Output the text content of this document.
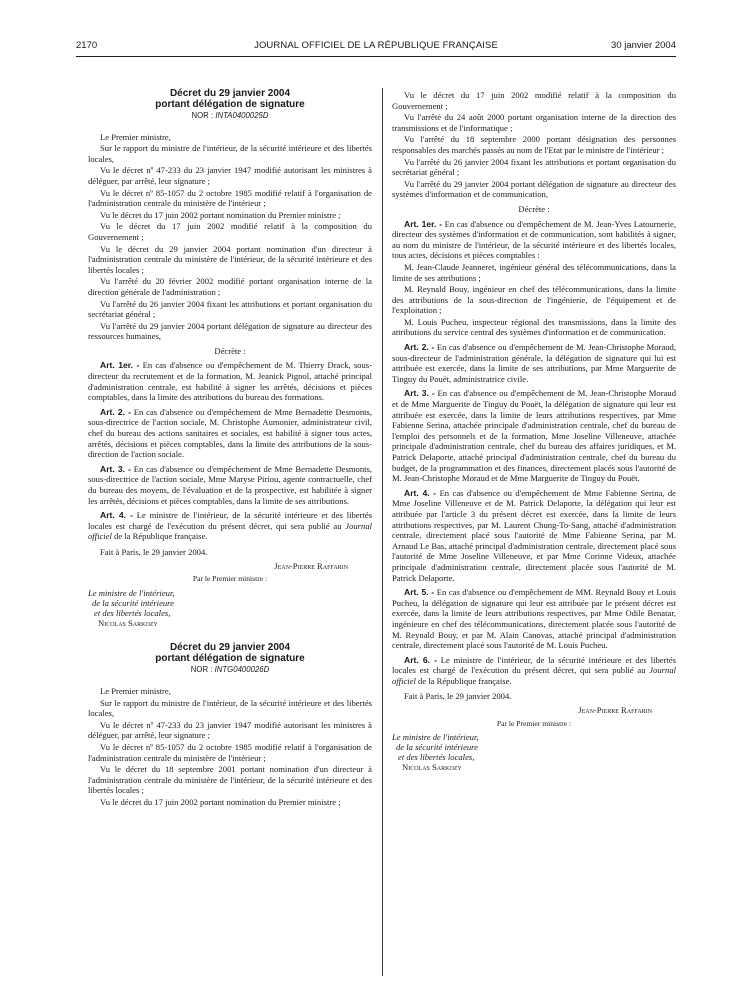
2170	JOURNAL OFFICIEL DE LA RÉPUBLIQUE FRANÇAISE	30 janvier 2004
Décret du 29 janvier 2004
portant délégation de signature
NOR : INTA0400025D

Le Premier ministre,

Sur le rapport du ministre de l'intérieur, de la sécurité intérieure et des libertés locales,

Vu le décret nº 47-233 du 23 janvier 1947 modifié autorisant les ministres à déléguer, par arrêté, leur signature ;

Vu le décret nº 85-1057 du 2 octobre 1985 modifié relatif à l'organisation de l'administration centrale du ministère de l'intérieur ;

Vu le décret du 17 juin 2002 portant nomination du Premier ministre ;

Vu le décret du 17 juin 2002 modifié relatif à la composition du Gouvernement ;

Vu le décret du 29 janvier 2004 portant nomination d'un directeur à l'administration centrale du ministère de l'intérieur, de la sécurité intérieure et des libertés locales ;

Vu l'arrêté du 20 février 2002 modifié portant organisation interne de la direction générale de l'administration ;

Vu l'arrêté du 26 janvier 2004 fixant les attributions et portant organisation du secrétariat général ;

Vu l'arrêté du 29 janvier 2004 portant délégation de signature au directeur des ressources humaines,

Décrète :

Art. 1er. - En cas d'absence ou d'empêchement de M. Thierry Drack, sous-directeur du recrutement et de la formation, M. Jeanick Pignol, attaché principal d'administration centrale, est habilité à signer les arrêtés, décisions et pièces comptables, dans la limite des attributions du bureau des formations.

Art. 2. - En cas d'absence ou d'empêchement de Mme Bernadette Desmonts, sous-directrice de l'action sociale, M. Christophe Aumonier, administrateur civil, chef du bureau des actions sanitaires et sociales, est habilité à signer tous actes, arrêtés, décisions et pièces comptables, dans la limite des attributions de la sous-direction de l'action sociale.

Art. 3. - En cas d'absence ou d'empêchement de Mme Bernadette Desmonts, sous-directrice de l'action sociale, Mme Maryse Piriou, agente contractuelle, chef du bureau des moyens, de l'évaluation et de la prospective, est habilitée à signer les arrêtés, décisions et pièces comptables, dans la limite de ses attributions.

Art. 4. - Le ministre de l'intérieur, de la sécurité intérieure et des libertés locales est chargé de l'exécution du présent décret, qui sera publié au Journal officiel de la République française.

Fait à Paris, le 29 janvier 2004.

Jean-Pierre Raffarin

Par le Premier ministre :

Le ministre de l'intérieur,
de la sécurité intérieure
et des libertés locales,

Nicolas Sarkozy

Décret du 29 janvier 2004
portant délégation de signature
NOR : INTG0400026D

Le Premier ministre,

Sur le rapport du ministre de l'intérieur, de la sécurité intérieure et des libertés locales,

Vu le décret nº 47-233 du 23 janvier 1947 modifié autorisant les ministres à déléguer, par arrêté, leur signature ;

Vu le décret nº 85-1057 du 2 octobre 1985 modifié relatif à l'organisation de l'administration centrale du ministère de l'intérieur ;

Vu le décret du 18 septembre 2001 portant nomination d'un directeur à l'administration centrale du ministère de l'intérieur, de la sécurité intérieure et des libertés locales ;

Vu le décret du 17 juin 2002 portant nomination du Premier ministre ;

Vu le décret du 17 juin 2002 modifié relatif à la composition du Gouvernement ;

Vu l'arrêté du 24 août 2000 portant organisation interne de la direction des transmissions et de l'informatique ;

Vu l'arrêté du 18 septembre 2000 portant désignation des personnes responsables des marchés passés au nom de l'Etat par le ministre de l'intérieur ;

Vu l'arrêté du 26 janvier 2004 fixant les attributions et portant organisation du secrétariat général ;

Vu l'arrêté du 29 janvier 2004 portant délégation de signature au directeur des systèmes d'information et de communication,

Décrète :

Art. 1er. - En cas d'absence ou d'empêchement de M. Jean-Yves Latournerie, directeur des systèmes d'information et de communication, sont habilités à signer, au nom du ministre de l'intérieur, de la sécurité intérieure et des libertés locales, tous actes, décisions et pièces comptables :

M. Jean-Claude Jeanneret, ingénieur général des télécommunications, dans la limite de ses attributions ;

M. Reynald Bouy, ingénieur en chef des télécommunications, dans la limite des attributions de la sous-direction de l'ingénierie, de l'équipement et de l'exploitation ;

M. Louis Pucheu, inspecteur régional des transmissions, dans la limite des attributions du service central des systèmes d'information et de communication.

Art. 2. - En cas d'absence ou d'empêchement de M. Jean-Christophe Moraud, sous-directeur de l'administration générale, la délégation de signature qui lui est attribuée est exercée, dans la limite de ses attributions, par Mme Marguerite de Tinguy du Pouët, administratrice civile.

Art. 3. - En cas d'absence ou d'empêchement de M. Jean-Christophe Moraud et de Mme Marguerite de Tinguy du Pouët, la délégation de signature qui leur est attribuée est exercée, dans la limite de leurs attributions respectives, par Mme Fabienne Serina, attachée principale d'administration centrale, chef du bureau de l'emploi des personnels et de la formation, Mme Joseline Villeneuve, attachée principale d'administration centrale, chef du bureau des affaires juridiques, et M. Patrick Delaporte, attaché principal d'administration centrale, chef du bureau du budget, de la programmation et des finances, directement placés sous l'autorité de M. Jean-Christophe Moraud et de Mme Marguerite de Tinguy du Pouët.

Art. 4. - En cas d'absence ou d'empêchement de Mme Fabienne Serina, de Mme Joseline Villeneuve et de M. Patrick Delaporte, la délégation qui leur est attribuée par l'article 3 du présent décret est exercée, dans la limite de leurs attributions respectives, par M. Laurent Chung-To-Sang, attaché d'administration centrale, directement placé sous l'autorité de Mme Fabienne Serina, par M. Arnaud Le Bas, attaché principal d'administration centrale, directement placé sous l'autorité de Mme Joseline Villeneuve, et par Mme Corinne Videux, attachée principale d'administration centrale, directement placée sous l'autorité de M. Patrick Delaporte.

Art. 5. - En cas d'absence ou d'empêchement de MM. Reynald Bouy et Louis Pucheu, la délégation de signature qui leur est attribuée par le présent décret est exercée, dans la limite de leurs attributions respectives, par Mme Odile Benatar, ingénieure en chef des télécommunications, directement placée sous l'autorité de M. Reynald Bouy, et par M. Alain Canovas, attaché principal d'administration centrale, directement placé sous l'autorité de M. Louis Pucheu.

Art. 6. - Le ministre de l'intérieur, de la sécurité intérieure et des libertés locales est chargé de l'exécution du présent décret, qui sera publié au Journal officiel de la République française.

Fait à Paris, le 29 janvier 2004.

Jean-Pierre Raffarin

Par le Premier ministre :

Le ministre de l'intérieur,
de la sécurité intérieure
et des libertés locales,

Nicolas Sarkozy
